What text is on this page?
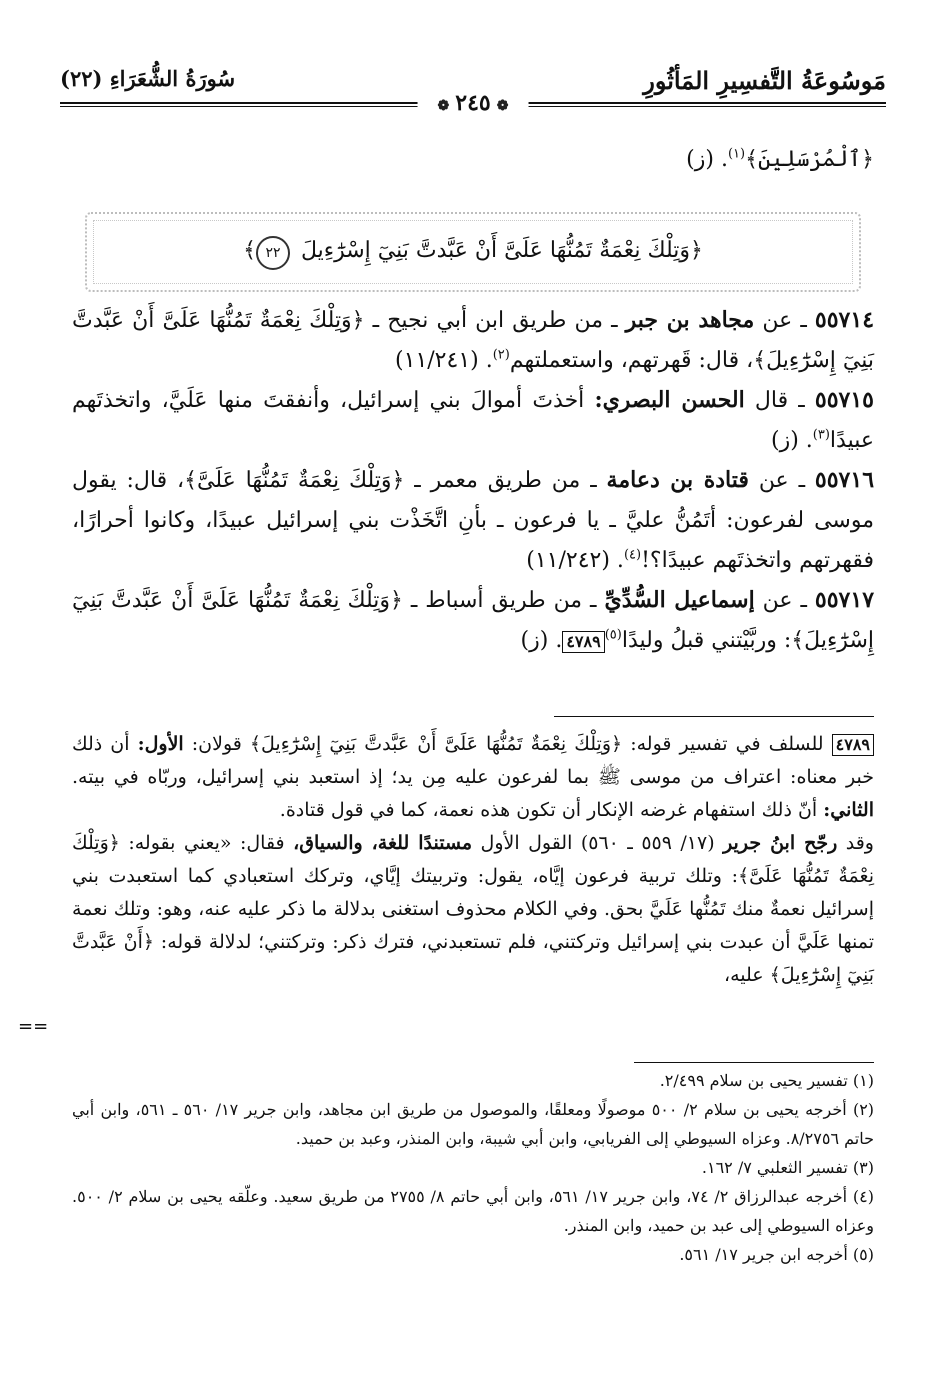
مَوسُوعَةُ التَّفسِيرِ المَأثُورِ
سُورَةُ الشُّعَرَاءِ (٢٢)
❁٢٤٥❁
﴿ٱلْمُرْسَلِينَ﴾$^{(١)}$. (ز)
﴿وَتِلْكَ نِعْمَةٌ تَمُنُّهَا عَلَىَّ أَنْ عَبَّدتَّ بَنِيٓ إِسْرَٰٓءِيلَ ٢٢﴾
٥٥٧١٤ ـ عن مجاهد بن جبر ـ من طريق ابن أبي نجيح ـ ﴿وَتِلْكَ نِعْمَةٌ تَمُنُّهَا عَلَىَّ أَنْ عَبَّدتَّ بَنِيٓ إِسْرَٰٓءِيلَ﴾، قال: قَهرتهم، واستعملتهم$^{(٢)}$. (١١/٢٤١)
٥٥٧١٥ ـ قال الحسن البصري: أخذتَ أموالَ بني إسرائيل، وأنفقتَ منها عَلَيَّ، واتخذتَهم عبيدًا$^{(٣)}$. (ز)
٥٥٧١٦ ـ عن قتادة بن دعامة ـ من طريق معمر ـ ﴿وَتِلْكَ نِعْمَةٌ تَمُنُّهَا عَلَىَّ﴾، قال: يقول موسى لفرعون: أتَمُنُّ عليَّ ـ يا فرعون ـ بأنِ اتَّخَذْت بني إسرائيل عبيدًا، وكانوا أحرارًا، فقهرتهم واتخذتَهم عبيدًا؟!$^{(٤)}$. (١١/٢٤٢)
٥٥٧١٧ ـ عن إسماعيل السُّدِّيِّ ـ من طريق أسباط ـ ﴿وَتِلْكَ نِعْمَةٌ تَمُنُّهَا عَلَىَّ أَنْ عَبَّدتَّ بَنِيٓ إِسْرَٰٓءِيلَ﴾: وربَّيْتني قبلُ وليدًا$^{(٥)}$٤٧٨٩. (ز)
٤٧٨٩ للسلف في تفسير قوله: ﴿وَتِلْكَ نِعْمَةٌ تَمُنُّهَا عَلَىَّ أَنْ عَبَّدتَّ بَنِيٓ إِسْرَٰٓءِيلَ﴾ قولان: الأول: أن ذلك خبر معناه: اعتراف من موسى ﷺ بما لفرعون عليه مِن يد؛ إذ استعبد بني إسرائيل، وربّاه في بيته. الثاني: أنّ ذلك استفهام غرضه الإنكار أن تكون هذه نعمة، كما في قول قتادة.
وقد رجّح ابنُ جرير (١٧/ ٥٥٩ ـ ٥٦٠) القول الأول مستندًا للغة، والسياق، فقال: «يعني بقوله: ﴿وَتِلْكَ نِعْمَةٌ تَمُنُّهَا عَلَىَّ﴾: وتلك تربية فرعون إيَّاه، يقول: وتربيتك إيَّاي، وتركك استعبادي كما استعبدت بني إسرائيل نعمةٌ منك تَمُنُّها عَلَيَّ بحق. وفي الكلام محذوف استغنى بدلالة ما ذكر عليه عنه، وهو: وتلك نعمة تمنها عَلَيَّ أن عبدت بني إسرائيل وتركتني، فلم تستعبدني، فترك ذكر: وتركتني؛ لدلالة قوله: ﴿أَنْ عَبَّدتَّ بَنِيٓ إِسْرَٰٓءِيلَ﴾ عليه،
==
(١) تفسير يحيى بن سلام ٢/٤٩٩.
(٢) أخرجه يحيى بن سلام ٢/ ٥٠٠ موصولًا ومعلقًا، والموصول من طريق ابن مجاهد، وابن جرير ١٧/ ٥٦٠ ـ ٥٦١، وابن أبي حاتم ٨/٢٧٥٦. وعزاه السيوطي إلى الفريابي، وابن أبي شيبة، وابن المنذر، وعبد بن حميد.
(٣) تفسير الثعلبي ٧/ ١٦٢.
(٤) أخرجه عبدالرزاق ٢/ ٧٤، وابن جرير ١٧/ ٥٦١، وابن أبي حاتم ٨/ ٢٧٥٥ من طريق سعيد. وعلّقه يحيى بن سلام ٢/ ٥٠٠. وعزاه السيوطي إلى عبد بن حميد، وابن المنذر.
(٥) أخرجه ابن جرير ١٧/ ٥٦١.
